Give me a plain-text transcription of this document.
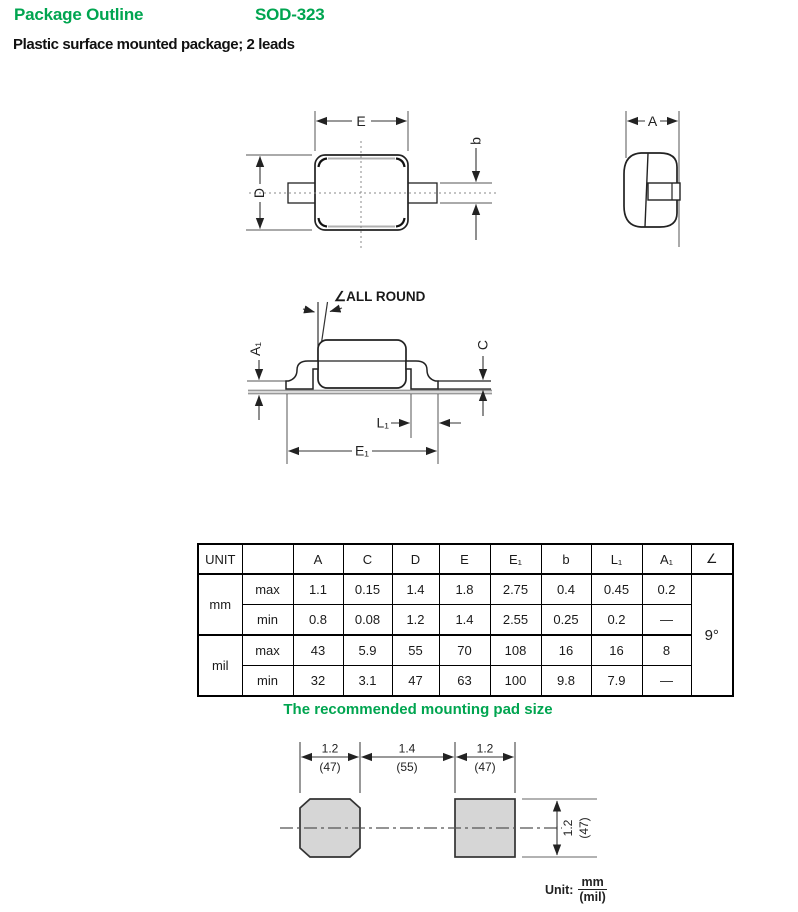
Package Outline	SOD-323
Plastic surface mounted package; 2 leads
E
D
b
A
∠ALL ROUND
A₁	C
L₁
E₁
1.2
(47)
1.4
(55)
1.2
(47)
1.2 (47)
UNIT		A	C	D	E	E₁	b	L₁	A₁	∠
mm	max	1.1	0.15	1.4	1.8	2.75	0.4	0.45	0.2	9°
	min	0.8	0.08	1.2	1.4	2.55	0.25	0.2	—	
mil	max	43	5.9	55	70	108	16	16	8	
	min	32	3.1	47	63	100	9.8	7.9	—	
The recommended mounting pad size
Unit: $\frac{mm}{\text{(mil)}}$
